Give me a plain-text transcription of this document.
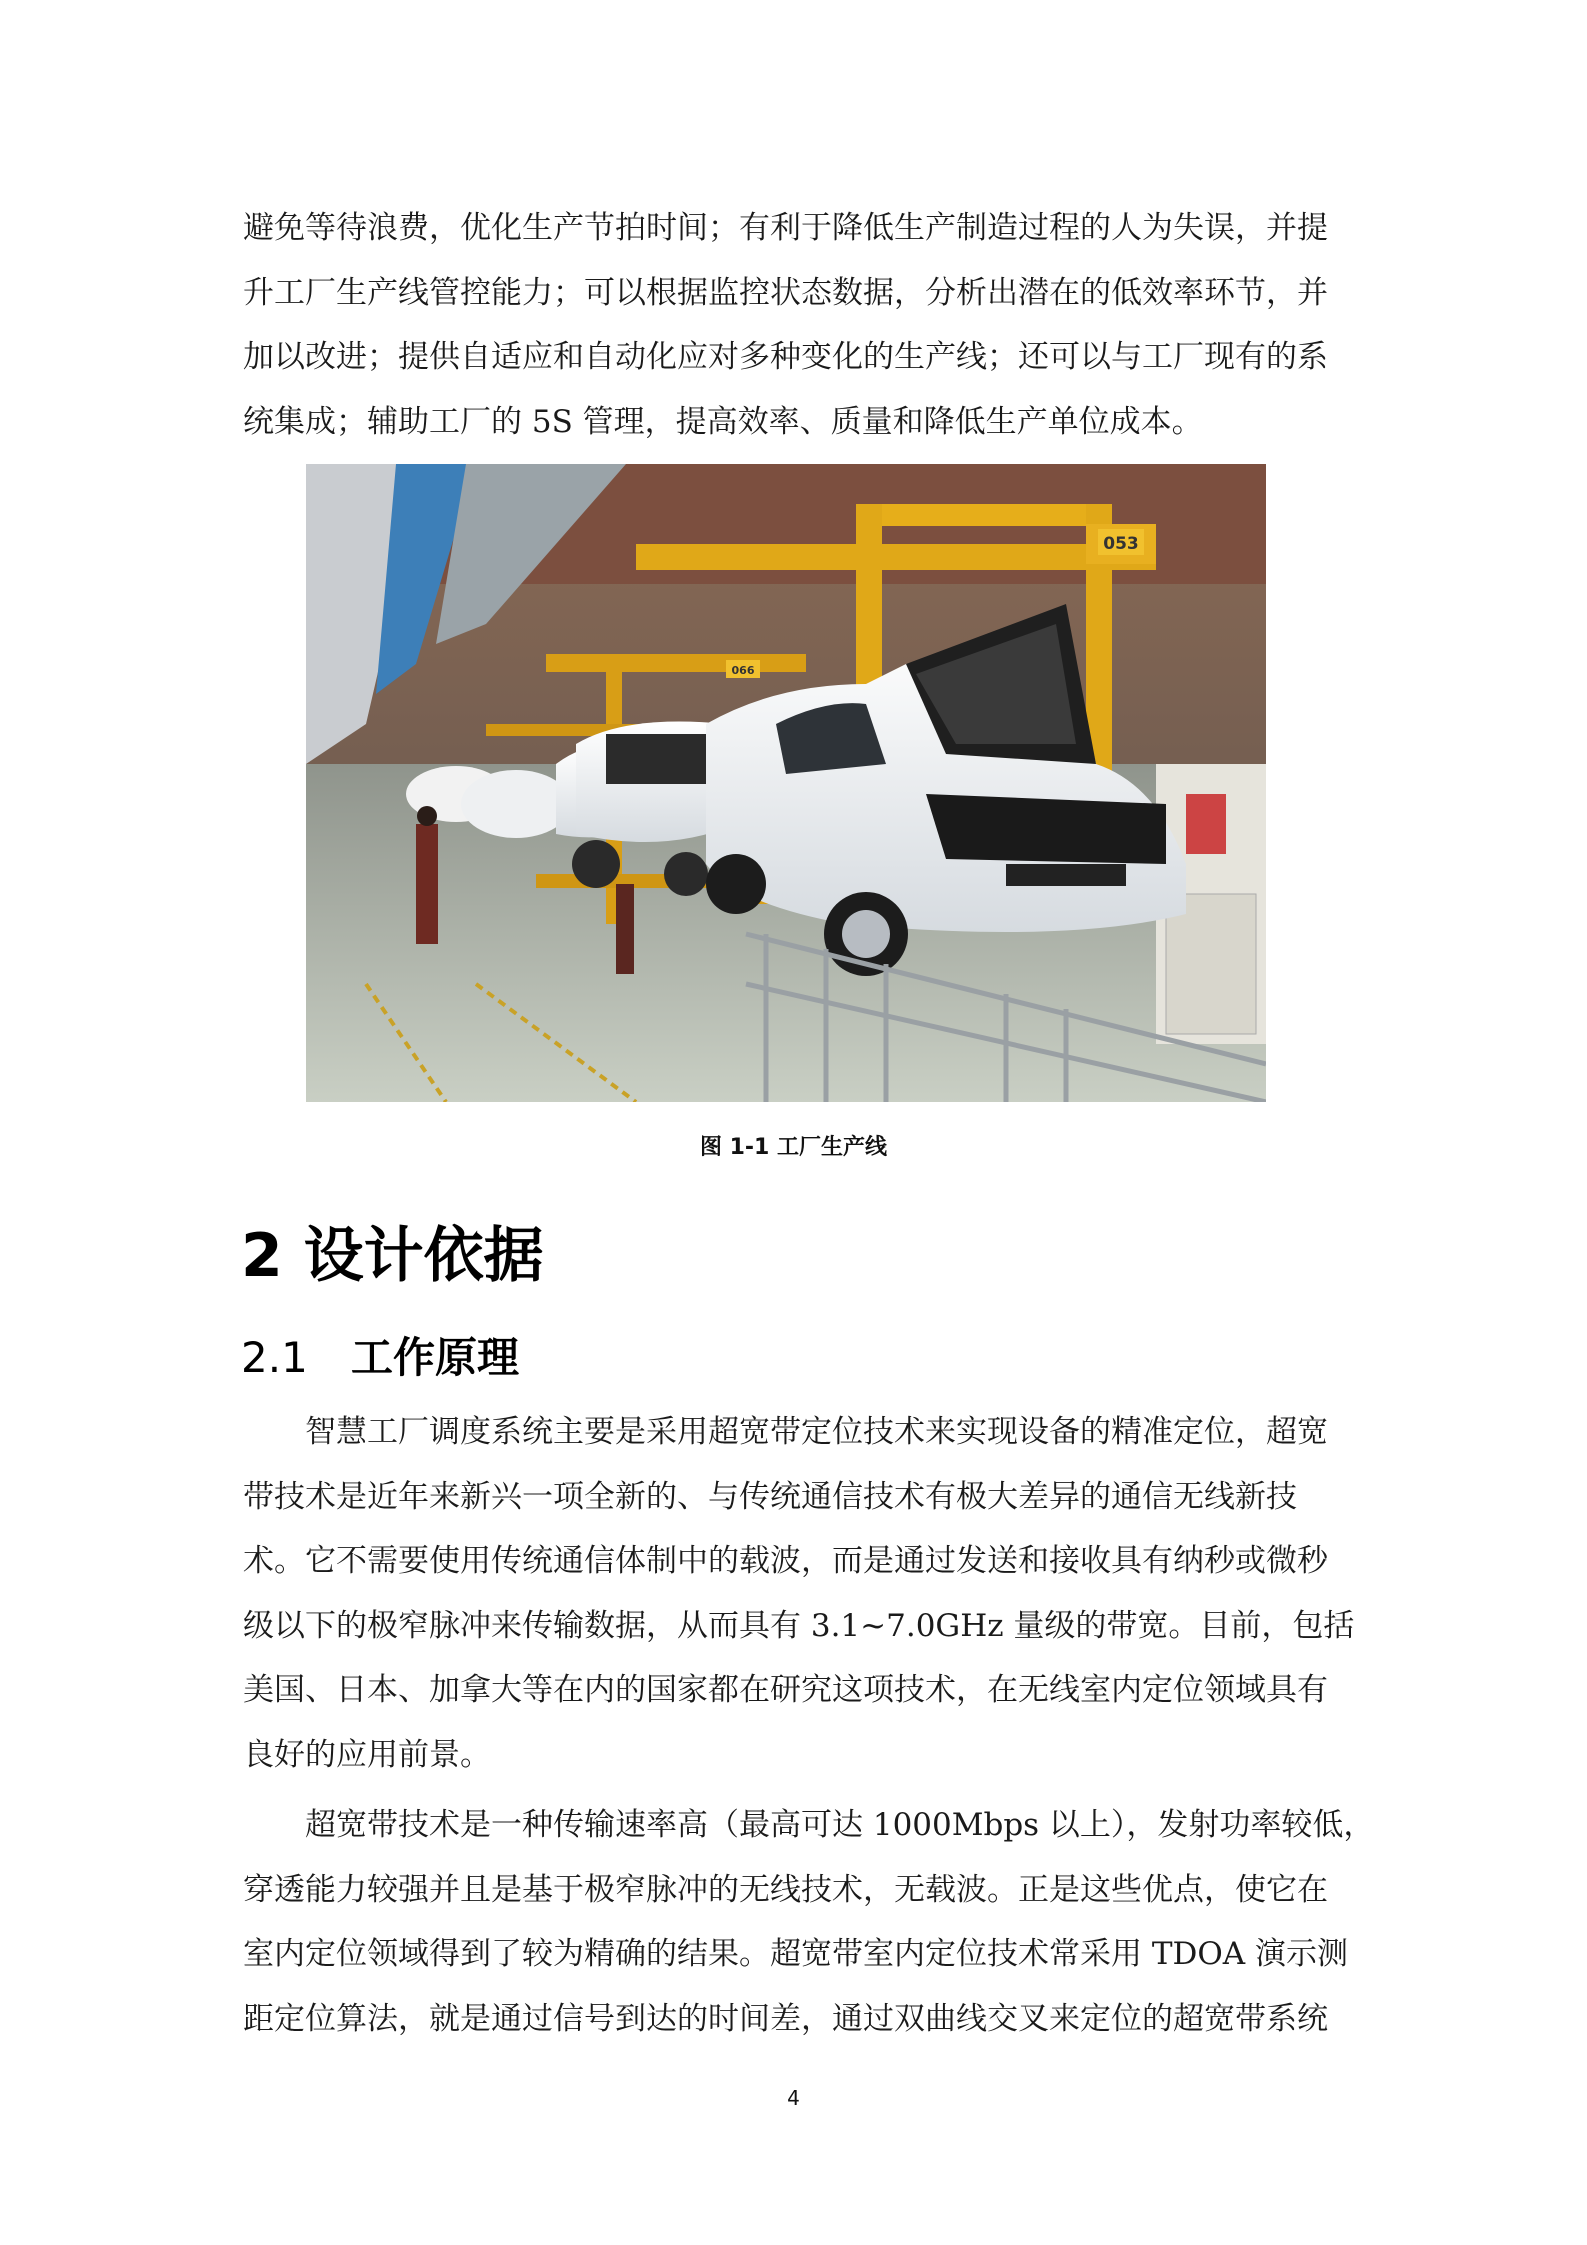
避免等待浪费，优化生产节拍时间；有利于降低生产制造过程的人为失误，并提
升工厂生产线管控能力；可以根据监控状态数据，分析出潜在的低效率环节，并
加以改进；提供自适应和自动化应对多种变化的生产线；还可以与工厂现有的系
统集成；辅助工厂的 5S 管理，提高效率、质量和降低生产单位成本。
053
066
图 1-1 工厂生产线
2 设计依据
2.1 工作原理
　　智慧工厂调度系统主要是采用超宽带定位技术来实现设备的精准定位，超宽
带技术是近年来新兴一项全新的、与传统通信技术有极大差异的通信无线新技
术。它不需要使用传统通信体制中的载波，而是通过发送和接收具有纳秒或微秒
级以下的极窄脉冲来传输数据，从而具有 3.1~7.0GHz 量级的带宽。目前，包括
美国、日本、加拿大等在内的国家都在研究这项技术，在无线室内定位领域具有
良好的应用前景。
　　超宽带技术是一种传输速率高（最高可达 1000Mbps 以上），发射功率较低，
穿透能力较强并且是基于极窄脉冲的无线技术，无载波。正是这些优点，使它在
室内定位领域得到了较为精确的结果。超宽带室内定位技术常采用 TDOA 演示测
距定位算法，就是通过信号到达的时间差，通过双曲线交叉来定位的超宽带系统
4
